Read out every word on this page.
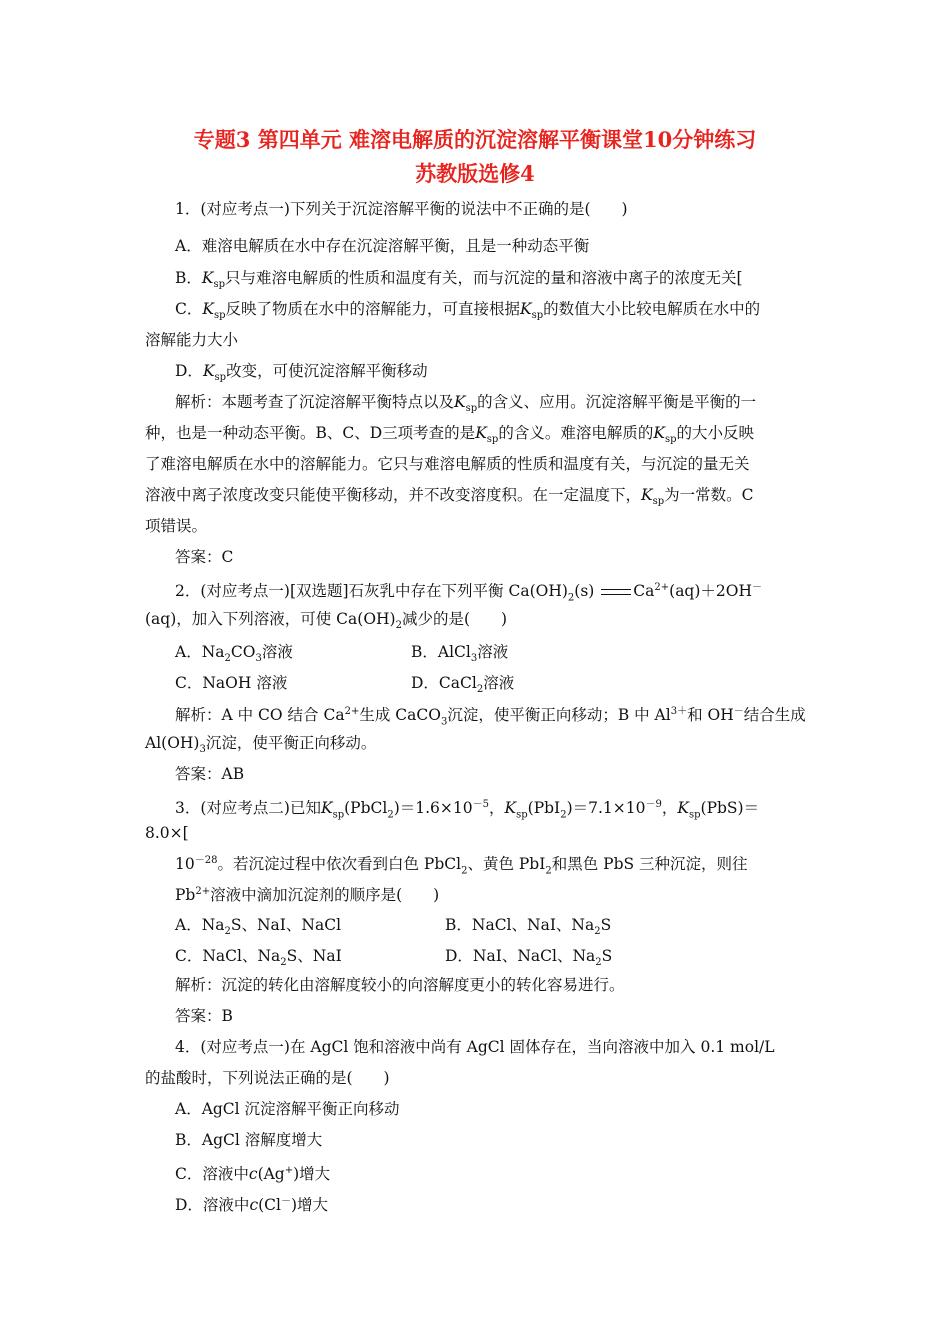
专题3 第四单元 难溶电解质的沉淀溶解平衡课堂10分钟练习
苏教版选修4
1．(对应考点一)下列关于沉淀溶解平衡的说法中不正确的是(　　)
A．难溶电解质在水中存在沉淀溶解平衡，且是一种动态平衡
B．$K_{sp}$只与难溶电解质的性质和温度有关，而与沉淀的量和溶液中离子的浓度无关[
C．$K_{sp}$反映了物质在水中的溶解能力，可直接根据$K_{sp}$的数值大小比较电解质在水中的
溶解能力大小
D．$K_{sp}$改变，可使沉淀溶解平衡移动
解析：本题考查了沉淀溶解平衡特点以及$K_{sp}$的含义、应用。沉淀溶解平衡是平衡的一
种，也是一种动态平衡。B、C、D三项考查的是$K_{sp}$的含义。难溶电解质的$K_{sp}$的大小反映
了难溶电解质在水中的溶解能力。它只与难溶电解质的性质和温度有关，与沉淀的量无关
溶液中离子浓度改变只能使平衡移动，并不改变溶度积。在一定温度下，$K_{sp}$为一常数。C
项错误。
答案：C
2．(对应考点一)[双选题]石灰乳中存在下列平衡 $Ca(OH)_2(s)$	$Ca^{2+}(aq)+2OH^-$
(aq)，加入下列溶液，可使 $Ca(OH)_2$减少的是(　　)
A．$Na_2CO_3$溶液	B．AlCl$_3$溶液
C．NaOH 溶液	D．CaCl$_2$溶液
解析：A 中 CO 结合 $Ca^{2+}$生成 CaCO$_3$沉淀，使平衡正向移动；B 中 $Al^{3+}$和 OH－结合生成
$Al(OH)_3$沉淀，使平衡正向移动。
答案：AB
3．(对应考点二)已知$K_{sp}(PbCl_2)=1.6\times 10^{-5}$，$K_{sp}(PbI_2)=7.1\times 10^{-9}$，$K_{sp}(PbS)=$
8.0×[
$10^{-28}$。若沉淀过程中依次看到白色 PbCl$_2$、黄色 PbI$_2$和黑色 PbS 三种沉淀，则往
$Pb^{2+}$溶液中滴加沉淀剂的顺序是(　　)
A．$Na_2S$、NaI、NaCl	B．NaCl、NaI、$Na_2S$
C．NaCl、$Na_2S$、NaI	D．NaI、NaCl、$Na_2S$
解析：沉淀的转化由溶解度较小的向溶解度更小的转化容易进行。
答案：B
4．(对应考点一)在 AgCl 饱和溶液中尚有 AgCl 固体存在，当向溶液中加入 0.1 mol/L
的盐酸时，下列说法正确的是(　　)
A．AgCl 沉淀溶解平衡正向移动
B．AgCl 溶解度增大
C．溶液中c(Ag+)增大
D．溶液中c(Cl－)增大
